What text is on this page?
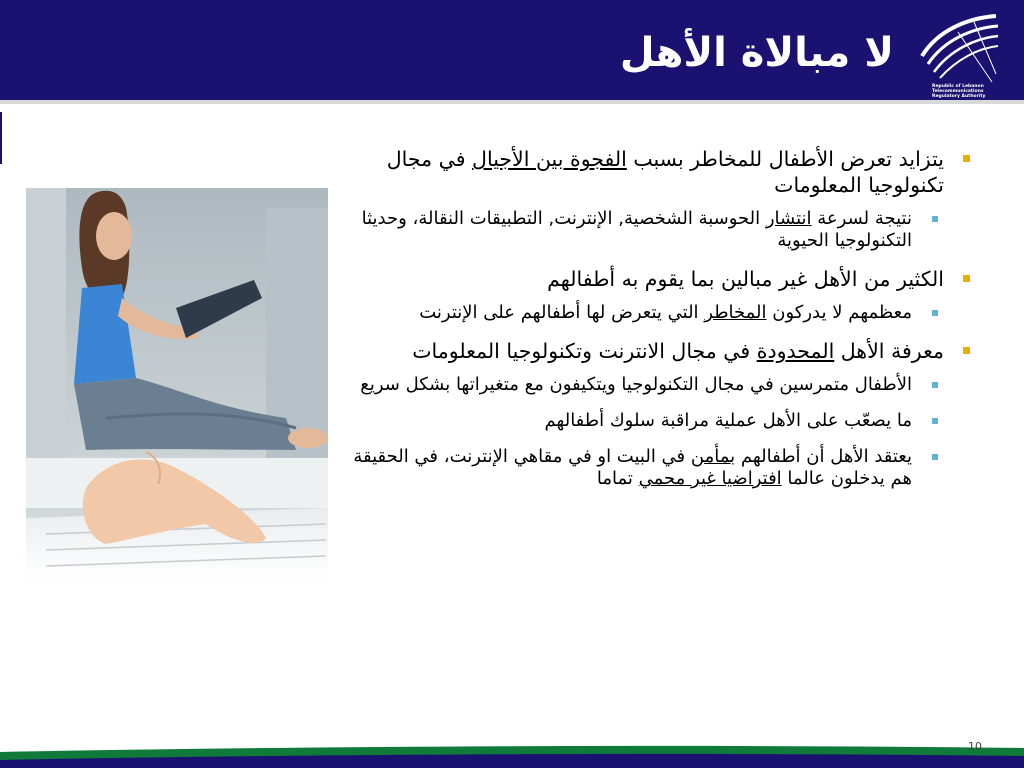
لا مبالاة الأهل
Republic of Lebanon
Telecommunications
Regulatory Authority
يتزايد تعرض الأطفال للمخاطر بسبب الفجوة بين الأجيال في مجال تكنولوجيا المعلومات
نتيجة لسرعة انتشار الحوسبة الشخصية, الإنترنت, التطبيقات النقالة، وحديثا التكنولوجيا الحيوية
الكثير من الأهل غير مبالين بما يقوم به أطفالهم
معظمهم لا يدركون المخاطر التي يتعرض لها أطفالهم على الإنترنت
معرفة الأهل المحدودة في مجال الانترنت وتكنولوجيا المعلومات
الأطفال متمرسين في مجال التكنولوجيا ويتكيفون مع متغيراتها بشكل سريع
ما يصعّب على الأهل عملية مراقبة سلوك أطفالهم
يعتقد الأهل أن أطفالهم بمأمن في البيت او في مقاهي الإنترنت، في الحقيقة هم يدخلون عالما افتراضيا غير محمي تماما
10
